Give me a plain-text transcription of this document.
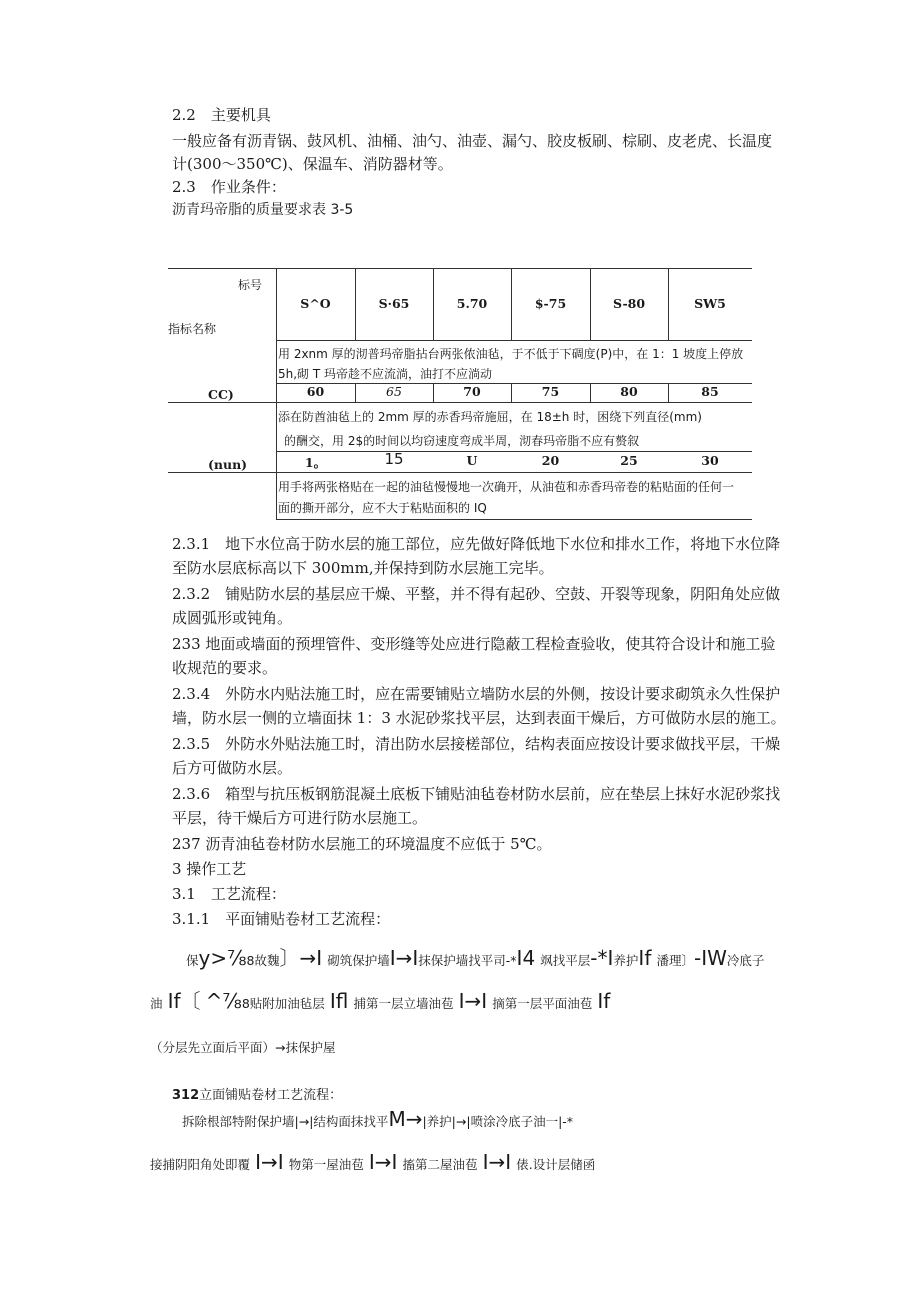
2.2　主要机具
一般应备有沥青锅、鼓风机、油桶、油勺、油壶、漏勺、胶皮板刷、棕刷、皮老虎、长温度
计(300～350℃)、保温车、消防器材等。
2.3　作业条件：
沥青玛帝脂的质量要求表 3-5
标号
指标名称
S^O	S·65	5.70	$-75	S-80	SW5
用 2xnm 厚的沏普玛帝脂拈台两张侬油毡，于不低于下碉度(P)中，在 1：1 坡度上停放
5h,砌 T 玛帝趁不应流淌，油打不应淌动
CC)	60	65	70	75	80	85
添在防酋油毡上的 2mm 厚的赤香玛帝施屈，在 18±h 时，困绕下列直径(mm)
的酬交，用 2$的时间以均窃速度弯成半周，沏春玛帝脂不应有赘叙
(nun)	1。	15	U	20	25	30
用手将两张格贴在一起的油毡慢慢地一次确开，从油苞和赤香玛帝卷的粘贴面的任何一
面的撕开部分，应不大于粘贴面积的 IQ
2.3.1　地下水位高于防水层的施工部位，应先做好降低地下水位和排水工作，将地下水位降
至防水层底标高以下 300mm,并保持到防水层施工完毕。
2.3.2　铺贴防水层的基层应干燥、平整，并不得有起砂、空鼓、开裂等现象，阴阳角处应做
成圆弧形或钝角。
233 地面或墙面的预埋管件、变形缝等处应进行隐蔽工程检查验收，使其符合设计和施工验
收规范的要求。
2.3.4　外防水内贴法施工时，应在需要铺贴立墙防水层的外侧，按设计要求砌筑永久性保护
墙，防水层一侧的立墙面抹 1：3 水泥砂浆找平层，达到表面干燥后，方可做防水层的施工。
2.3.5　外防水外贴法施工时，清出防水层接槎部位，结构表面应按设计要求做找平层，干燥
后方可做防水层。
2.3.6　箱型与抗压板钢筋混凝土底板下铺贴油毡卷材防水层前，应在垫层上抹好水泥砂浆找
平层，待干燥后方可进行防水层施工。
237 沥青油毡卷材防水层施工的环境温度不应低于 5℃。
3 操作工艺
3.1　工艺流程：
3.1.1　平面铺贴卷材工艺流程：
保y>⅞8故魏〕→I 砌筑保护墙I→I抹保护墙找平司-*I4 飒找平层-*I养护If 潘理〕-IW冷底子
油 If〔 ^⅞8贴附加油毡层 Ifl 捕第一层立墙油苞 I→I 摘第一层平面油苞 If
（分层先立面后平面）→抹保护屋
312立面铺贴卷材工艺流程：
拆除根部特附保护墙|→|结构面抹找平M→|养护|→|喷涂冷底子油一|-*
接捕阴阳角处即覆 I→I 物第一屋油苞 I→I 搐第二屋油苞 I→I 俵.设计层储函
